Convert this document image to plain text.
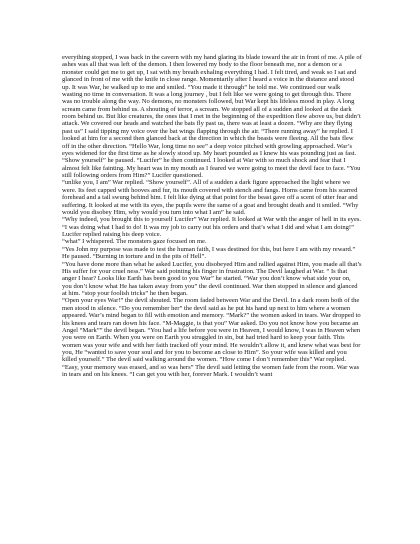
everything stopped, I was back in the cavern with my hand glaring its blade toward the air in front of me. A pile of ashes was all that was left of the demon. I then lowered my body to the floor beneath me, nor a demon or a monster could get me to get up, I sat with my breath exhaling everything I had. I felt tired, and weak so I sat and glanced in front of me with the knife in close range. Momentarily after I heard a voice in the distance and stood up. It was War, he walked up to me and smiled. “You made it through” he told me. We continued our walk wasting no time in conversation. It was a long journey , but I felt like we were going to get through this. There was no trouble along the way. No demons, no monsters followed, but War kept his lifeless mood in play. A long scream came from behind us. A shouting of terror, a scream. We stopped all of a sudden and looked at the dark room behind us. But like creatures, the ones that I met in the beginning of the expedition flew above us, but didn’t attack. We covered our heads and watched the bats fly past us, there was at least a dozen. “Why are they flying past us” I said tipping my voice over the bat wings flapping through the air. “There running away” he replied. I looked at him for a second then glanced back at the direction in which the beasts were fleeing. All the bats flew off in the other direction. “Hello War, long time no see” a deep voice pitched with growling approached. War’s eyes widened for the first time as he slowly stood up. My heart pounded as I knew his was pounding just as fast. “Show yourself” he paused. “Lucifer” he then continued. I looked at War with so much shock and fear that I almost felt like fainting. My heart was in my mouth as I feared we were going to meet the devil face to face. “You still following orders from Him?” Lucifer questioned.

“unlike you, I am” War replied. “Show yourself”. All of a sudden a dark figure approached the light where we were. Its feet capped with hooves and fur, its mouth covered with stench and fangs. Horns came from his scarred forehead and a tail swung behind him. I felt like dying at that point for the beast gave off a scent of utter fear and suffering. It looked at me with its eyes, the pupils were the same of a goat and brought death and it smiled. “Why would you disobey Him, why would you turn into what I am” he said.

“Why indeed, you brought this to yourself Lucifer” War replied. It looked at War with the anger of hell in its eyes. “I was doing what I had to do! It was my job to carry out his orders and that’s what I did and what I am doing!” Lucifer replied raising his deep voice.

“what” I whispered. The monsters gaze focused on me.

“Yes John my purpose was made to test the human faith, I was destined for this, but here I am with my reward.” He paused. “Burning in torture and in the pits of Hell”.

“You have done more than what he asked Lucifer, you disobeyed Him and rallied against Him, you made all that’s His suffer for your cruel ness.” War said pointing his finger in frustration. The Devil laughed at War. “ Is that anger I hear? Looks like Earth has been good to you War” he started. “War you don’t know what side your on, you don’t know what He has taken away from you” the devil continued. War then stopped in silence and glanced at him. “stop your foolish tricks” he then began.

“Open your eyes War!” the devil shouted. The room faded between War and the Devil. In a dark room both of the men stood in silence. “Do you remember her” the devil said as he put his hand up next to him where a women appeared. War’s mind began to fill with emotion and memory. “Mark?” the women asked in tears. War dropped to his knees and tears ran down his face. “M-Maggie, is that you” War asked. Do you not know how you became an Angel “Mark”” the devil began. “You had a life before you were in Heaven, I would know, I was in Heaven when you were on Earth. When you were on Earth you struggled in sin, but had tried hard to keep your faith. This women was your wife and with her faith tracked off your mind. He wouldn’t allow it, and knew what was best for you, He “wanted to save your soul and for you to become an close to Him”. So your wife was killed and you killed yourself.” The devil said walking around the women. “How come I don’t remember this” War replied.

“Easy, your memory was erased, and so was hers” The devil said letting the women fade from the room. War was in tears and on his knees. “I can get you with her, forever Mark. I wouldn’t want
